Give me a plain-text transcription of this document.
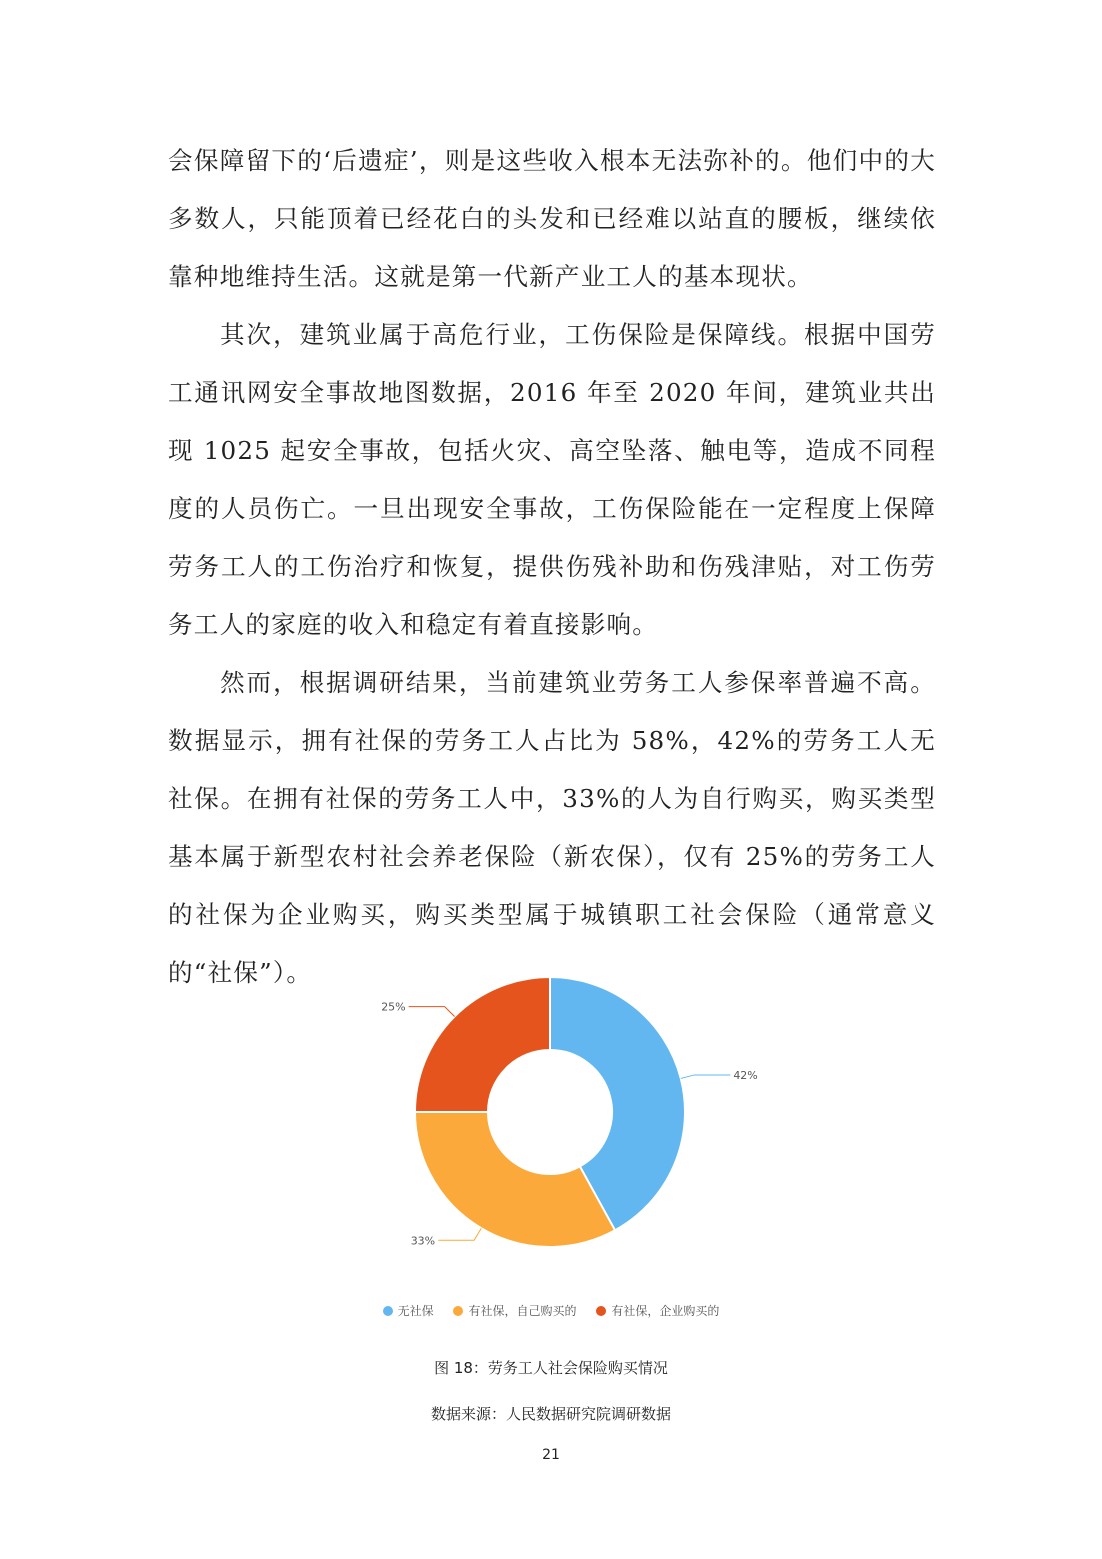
会保障留下的‘后遗症’，则是这些收入根本无法弥补的。他们中的大多数人，只能顶着已经花白的头发和已经难以站直的腰板，继续依靠种地维持生活。这就是第一代新产业工人的基本现状。

其次，建筑业属于高危行业，工伤保险是保障线。根据中国劳工通讯网安全事故地图数据，2016 年至 2020 年间，建筑业共出现 1025 起安全事故，包括火灾、高空坠落、触电等，造成不同程度的人员伤亡。一旦出现安全事故，工伤保险能在一定程度上保障劳务工人的工伤治疗和恢复，提供伤残补助和伤残津贴，对工伤劳务工人的家庭的收入和稳定有着直接影响。

然而，根据调研结果，当前建筑业劳务工人参保率普遍不高。数据显示，拥有社保的劳务工人占比为 58%，42%的劳务工人无社保。在拥有社保的劳务工人中，33%的人为自行购买，购买类型基本属于新型农村社会养老保险（新农保），仅有 25%的劳务工人的社保为企业购买，购买类型属于城镇职工社会保险（通常意义的“社保”）。

42%
33%
25%
无社保	有社保，自己购买的	有社保，企业购买的
图 18：劳务工人社会保险购买情况
数据来源：人民数据研究院调研数据
21
